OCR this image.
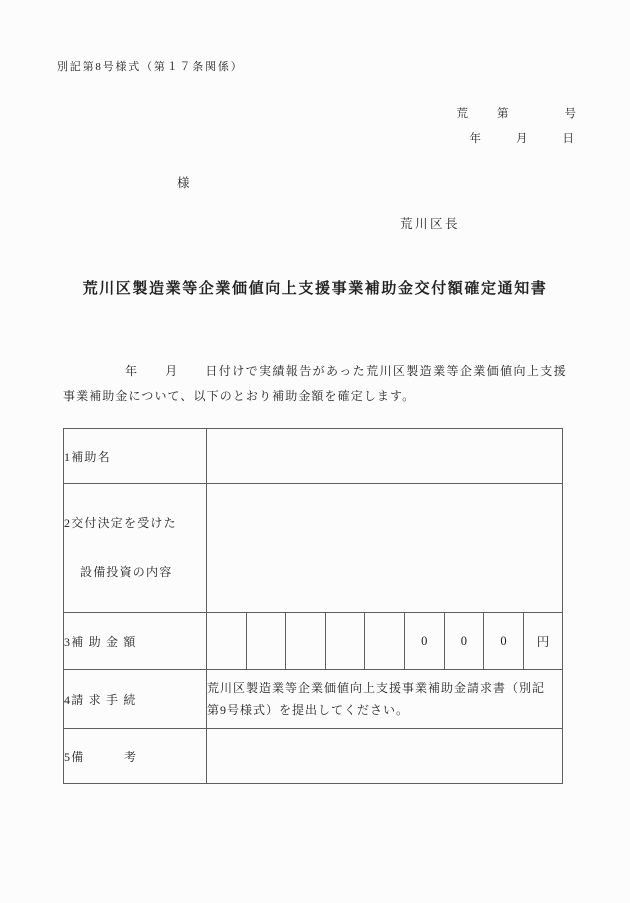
別記第8号様式（第１７条関係）
荒　　第　　　　号
年　　月　　日
様
荒川区長
荒川区製造業等企業価値向上支援事業補助金交付額確定通知書
年　　月　　日付けで実績報告があった荒川区製造業等企業価値向上支援
事業補助金について、以下のとおり補助金額を確定します。
1補助名									

2交付決定を受けた

設備投資の内容									

3補 助 金 額						0	0	0	円
4請 求 手 続	荒川区製造業等企業価値向上支援事業補助金請求書（別記
第9号様式）を提出してください。								

5備　　　考									
